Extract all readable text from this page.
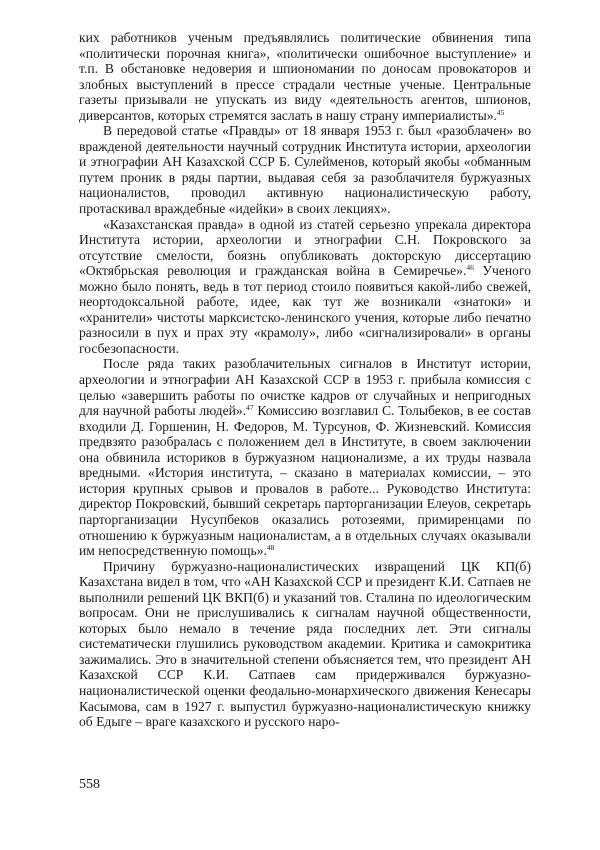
ких работников ученым предъявлялись политические обвинения типа «политически порочная книга», «политически ошибочное выступление» и т.п. В обстановке недоверия и шпиономании по доносам провокаторов и злобных выступлений в прессе страдали честные ученые. Центральные газеты призывали не упускать из виду «деятельность агентов, шпионов, диверсантов, которых стремятся заслать в нашу страну империалисты».$^{45}$

В передовой статье «Правды» от 18 января 1953 г. был «разоблачен» во вражденой деятельности научный сотрудник Института истории, археологии и этнографии АН Казахской ССР Б. Сулейменов, который якобы «обманным путем проник в ряды партии, выдавая себя за разоблачителя буржуазных националистов, проводил активную националистическую работу, протаскивал враждебные «идейки» в своих лекциях».

«Казахстанская правда» в одной из статей серьезно упрекала директора Института истории, археологии и этнографии С.Н. Покровского за отсутствие смелости, боязнь опубликовать докторскую диссертацию «Октябрьская революция и гражданская война в Семиречье».$^{46}$ Ученого можно было понять, ведь в тот период стоило появиться какой-либо свежей, неортодоксальной работе, идее, как тут же возникали «знатоки» и «хранители» чистоты марксистско-ленинского учения, которые либо печатно разносили в пух и прах эту «крамолу», либо «сигнализировали» в органы госбезопасности.

После ряда таких разоблачительных сигналов в Институт истории, археологии и этнографии АН Казахской ССР в 1953 г. прибыла комиссия с целью «завершить работы по очистке кадров от случайных и непригодных для научной работы людей».$^{47}$ Комиссию возглавил С. Толыбеков, в ее состав входили Д. Горшенин, Н. Федоров, М. Турсунов, Ф. Жизневский. Комиссия предвзято разобралась с положением дел в Институте, в своем заключении она обвинила историков в буржуазном национализме, а их труды назвала вредными. «История института, – сказано в материалах комиссии, – это история крупных срывов и провалов в работе... Руководство Института: директор Покровский, бывший секретарь парторганизации Елеуов, секретарь парторганизации Нусупбеков оказались ротозеями, примиренцами по отношению к буржуазным националистам, а в отдельных случаях оказывали им непосредственную помощь».$^{48}$

Причину буржуазно-националистических извращений ЦК КП(б) Казахстана видел в том, что «АН Казахской ССР и президент К.И. Сатпаев не выполнили решений ЦК ВКП(б) и указаний тов. Сталина по идеологическим вопросам. Они не прислушивались к сигналам научной общественности, которых было немало в течение ряда последних лет. Эти сигналы систематически глушились руководством академии. Критика и самокритика зажимались. Это в значительной степени объясняется тем, что президент АН Казахской ССР К.И. Сатпаев сам придерживался буржуазно-националистической оценки феодально-монархического движения Кенесары Касымова, сам в 1927 г. выпустил буржуазно-националистическую книжку об Едыге – враге казахского и русского наро-

558
